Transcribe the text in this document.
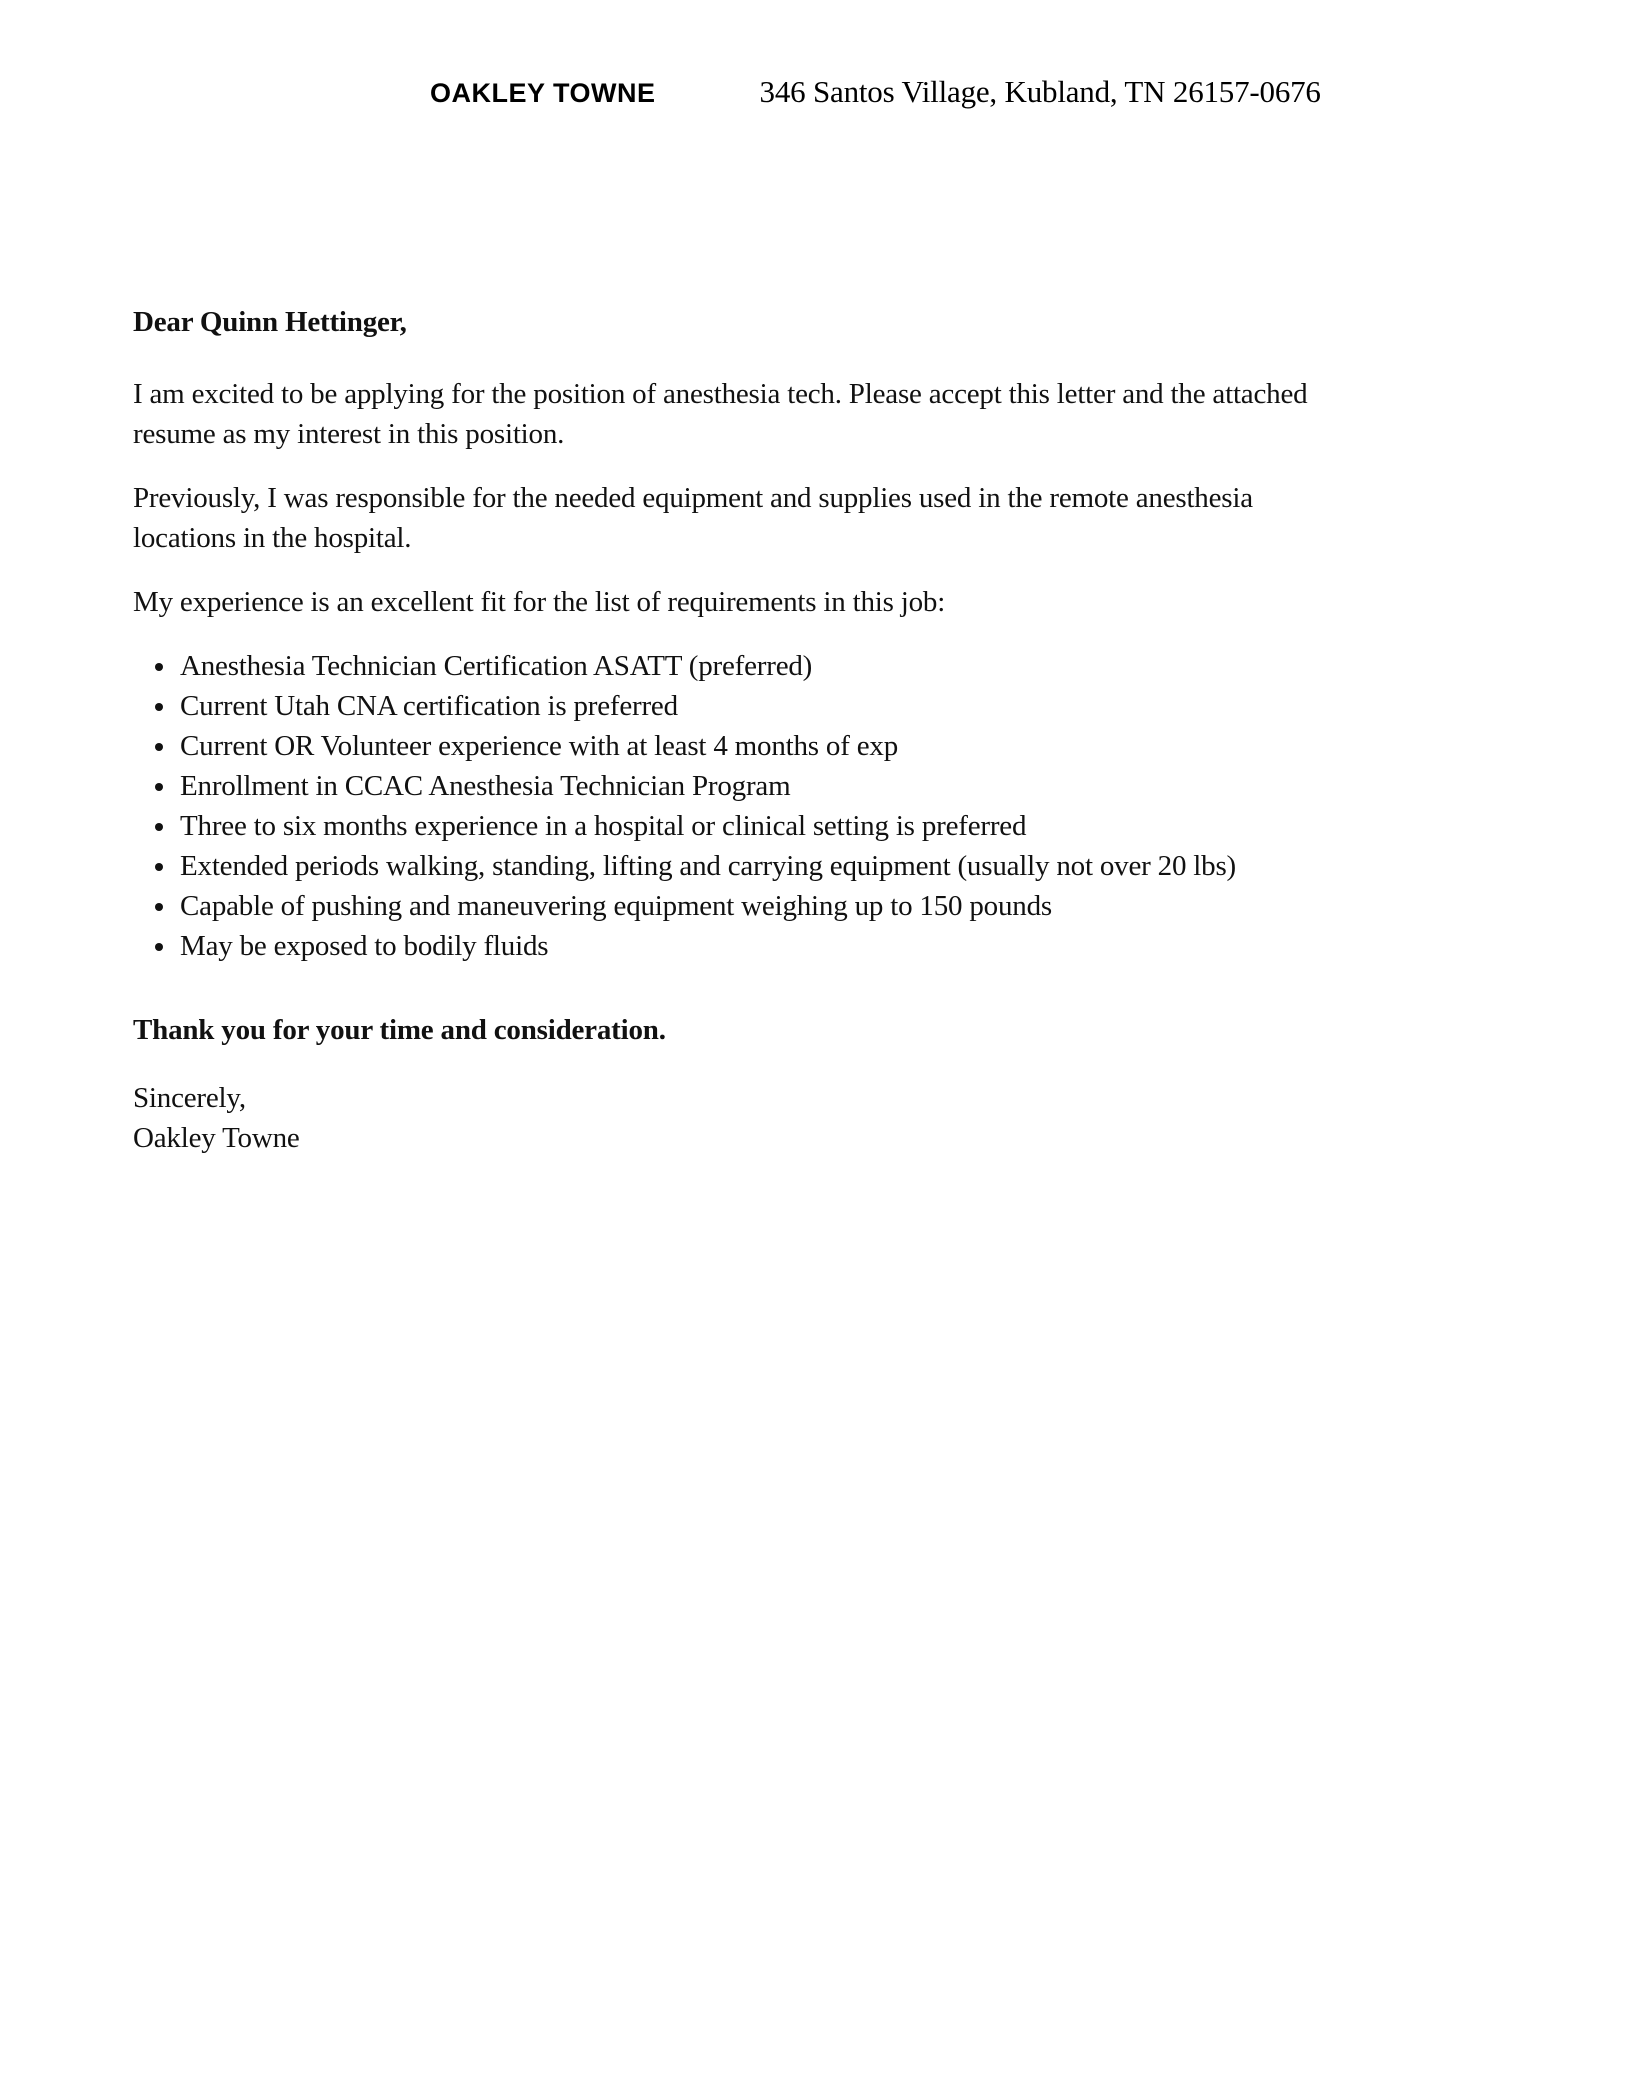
OAKLEY TOWNE	346 Santos Village, Kubland, TN 26157-0676

Dear Quinn Hettinger,

I am excited to be applying for the position of anesthesia tech. Please accept this letter and the attached
resume as my interest in this position.
Previously, I was responsible for the needed equipment and supplies used in the remote anesthesia
locations in the hospital.
My experience is an excellent fit for the list of requirements in this job:
• Anesthesia Technician Certification ASATT (preferred)
• Current Utah CNA certification is preferred
• Current OR Volunteer experience with at least 4 months of exp
• Enrollment in CCAC Anesthesia Technician Program
• Three to six months experience in a hospital or clinical setting is preferred
• Extended periods walking, standing, lifting and carrying equipment (usually not over 20 lbs)
• Capable of pushing and maneuvering equipment weighing up to 150 pounds
• May be exposed to bodily fluids

Thank you for your time and consideration.

Sincerely,
Oakley Towne
